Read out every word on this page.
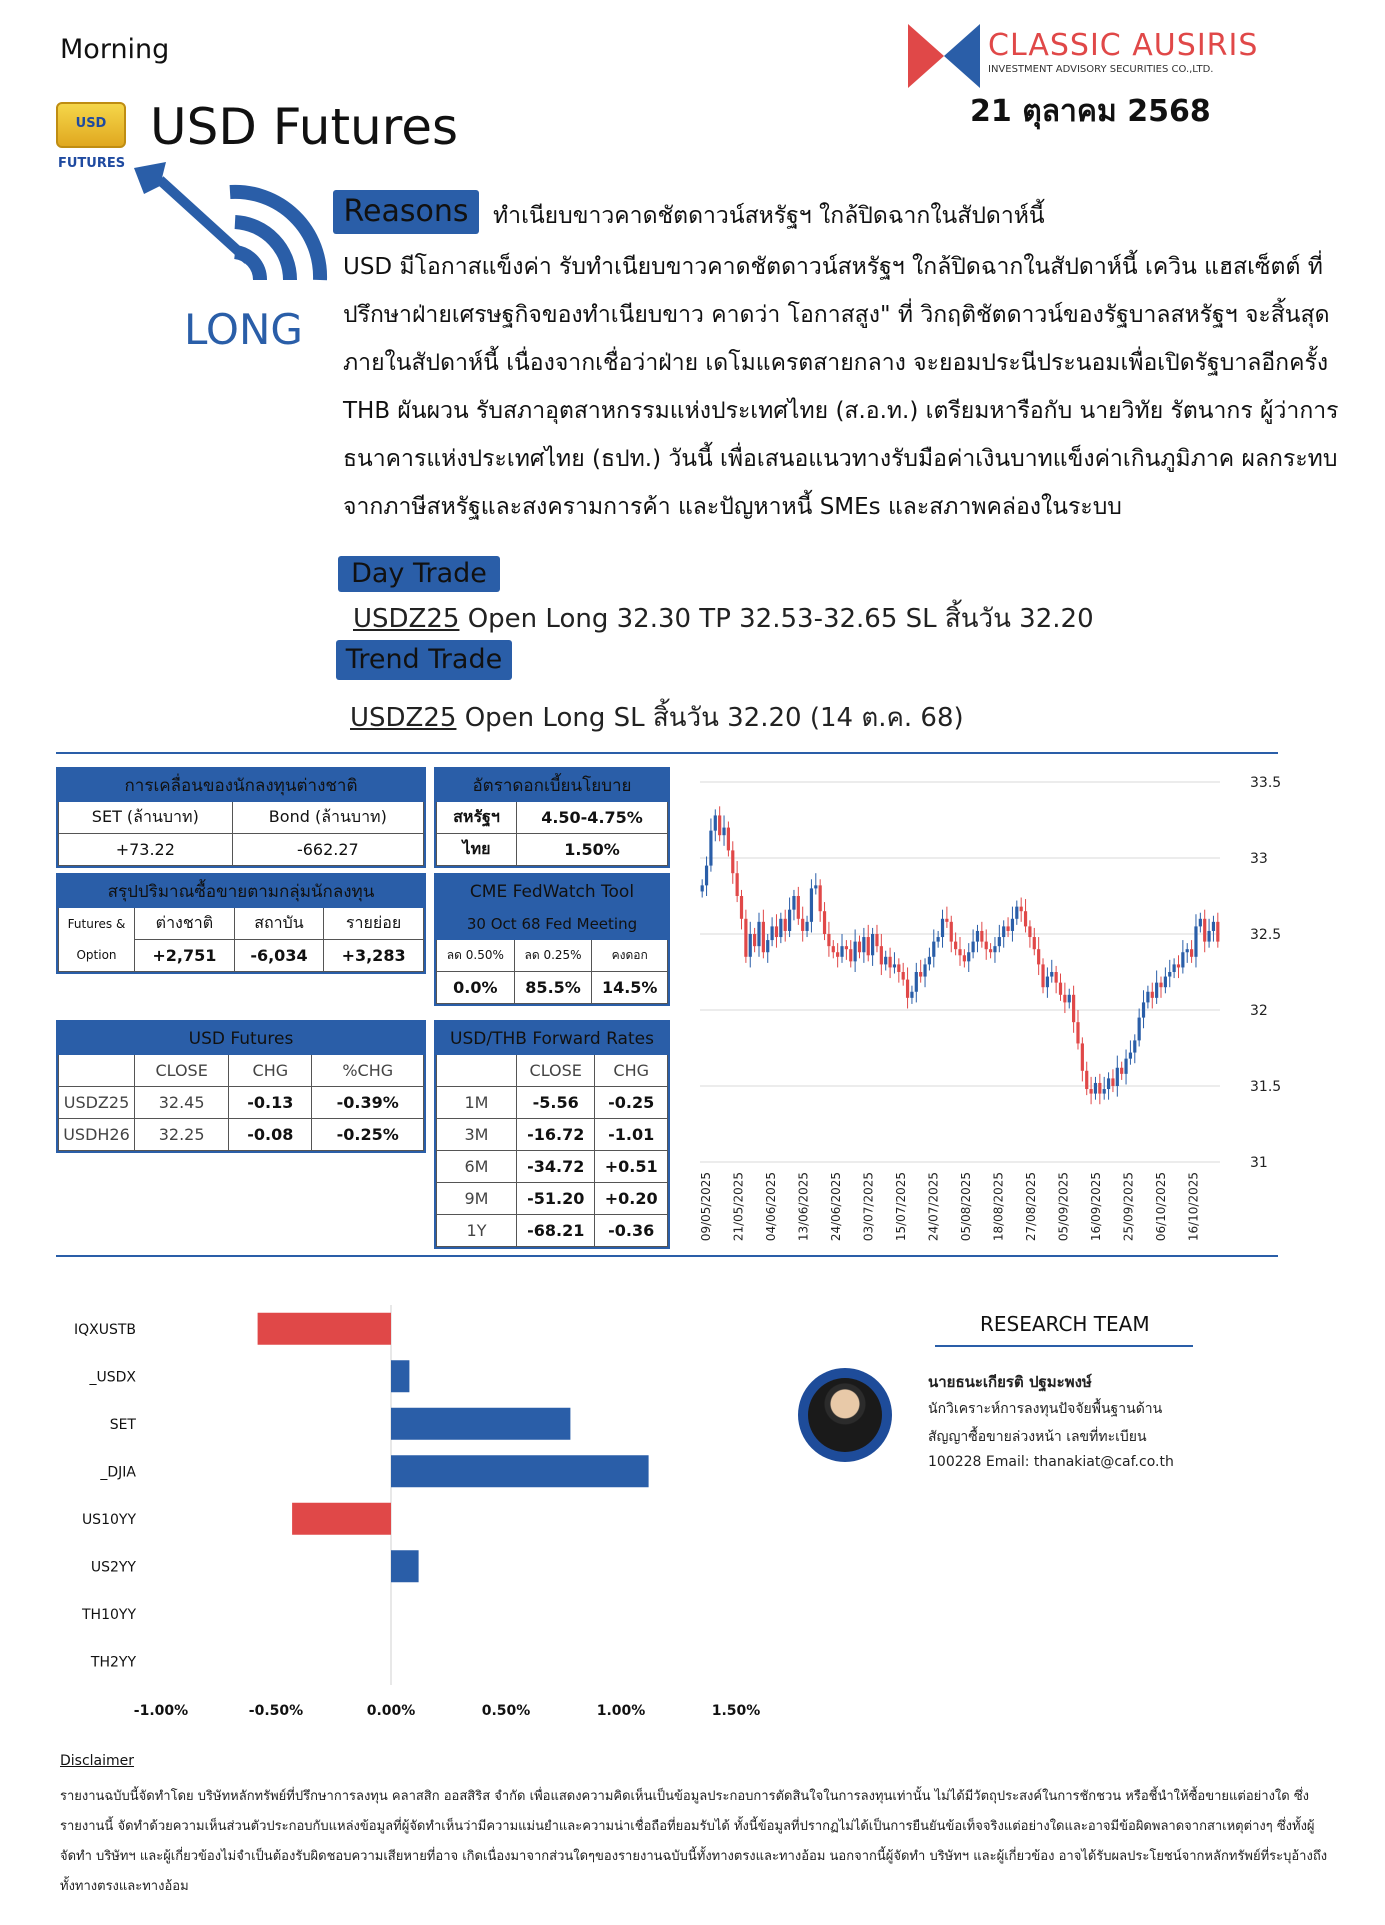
Morning
USD FUTURES
USD Futures
CLASSIC AUSIRIS
INVESTMENT ADVISORY SECURITIES CO.,LTD.
21 ตุลาคม 2568
LONG
Reasons	ทำเนียบขาวคาดชัตดาวน์สหรัฐฯ ใกล้ปิดฉากในสัปดาห์นี้
USD มีโอกาสแข็งค่า รับทำเนียบขาวคาดชัตดาวน์สหรัฐฯ ใกล้ปิดฉากในสัปดาห์นี้ เควิน แฮสเซ็ตต์ ที่
ปรึกษาฝ่ายเศรษฐกิจของทำเนียบขาว คาดว่า โอกาสสูง" ที่ วิกฤติชัตดาวน์ของรัฐบาลสหรัฐฯ จะสิ้นสุด
ภายในสัปดาห์นี้ เนื่องจากเชื่อว่าฝ่าย เดโมแครตสายกลาง จะยอมประนีประนอมเพื่อเปิดรัฐบาลอีกครั้ง
THB ผันผวน รับสภาอุตสาหกรรมแห่งประเทศไทย (ส.อ.ท.) เตรียมหารือกับ นายวิทัย รัตนากร ผู้ว่าการ
ธนาคารแห่งประเทศไทย (ธปท.) วันนี้ เพื่อเสนอแนวทางรับมือค่าเงินบาทแข็งค่าเกินภูมิภาค ผลกระทบ
จากภาษีสหรัฐและสงครามการค้า และปัญหาหนี้ SMEs และสภาพคล่องในระบบ
Day Trade
USDZ25 Open Long 32.30 TP 32.53-32.65 SL สิ้นวัน 32.20
Trend Trade
USDZ25 Open Long SL สิ้นวัน 32.20 (14 ต.ค. 68)
การเคลื่อนของนักลงทุนต่างชาติ	
SET (ล้านบาท)	Bond (ล้านบาท)
+73.22	-662.27
อัตราดอกเบี้ยนโยบาย	
สหรัฐฯ	4.50-4.75%
ไทย	1.50%
สรุปปริมาณซื้อขายตามกลุ่มนักลงทุน			
Futures &	ต่างชาติ	สถาบัน	รายย่อย
Option	+2,751	-6,034	+3,283
CME FedWatch Tool		
30 Oct 68 Fed Meeting		
ลด 0.50%	ลด 0.25%	คงดอก
0.0%	85.5%	14.5%
USD Futures			
	CLOSE	CHG	%CHG
USDZ25	32.45	-0.13	-0.39%
USDH26	32.25	-0.08	-0.25%
USD/THB Forward Rates		
	CLOSE	CHG
1M	-5.56	-0.25
3M	-16.72	-1.01
6M	-34.72	+0.51
9M	-51.20	+0.20
1Y	-68.21	-0.36
33.5
33
32.5
32
31.5
31
09/05/2025 21/05/2025 04/06/2025 13/06/2025 24/06/2025 03/07/2025 15/07/2025 24/07/2025 05/08/2025 18/08/2025 27/08/2025 05/09/2025 16/09/2025 25/09/2025 06/10/2025 16/10/2025
IQXUSTB
_USDX
SET
_DJIA
US10YY
US2YY
TH10YY
TH2YY
-1.00%	-0.50%	0.00%	0.50%	1.00%	1.50%
RESEARCH TEAM
นายธนะเกียรติ ปฐมะพงษ์
นักวิเคราะห์การลงทุนปัจจัยพื้นฐานด้าน
สัญญาซื้อขายล่วงหน้า เลขที่ทะเบียน
100228 Email: thanakiat@caf.co.th
Disclaimer
รายงานฉบับนี้จัดทำโดย บริษัทหลักทรัพย์ที่ปรึกษาการลงทุน คลาสสิก ออสสิริส จำกัด เพื่อแสดงความคิดเห็นเป็นข้อมูลประกอบการตัดสินใจในการลงทุนเท่านั้น ไม่ได้มีวัตถุประสงค์ในการชักชวน หรือชี้นำให้ซื้อขายแต่อย่างใด ซึ่งรายงานนี้ จัดทำด้วยความเห็นส่วนตัวประกอบกับแหล่งข้อมูลที่ผู้จัดทำเห็นว่ามีความแม่นยำและความน่าเชื่อถือที่ยอมรับได้ ทั้งนี้ข้อมูลที่ปรากฏไม่ได้เป็นการยืนยันข้อเท็จจริงแต่อย่างใดและอาจมีข้อผิดพลาดจากสาเหตุต่างๆ ซึ่งทั้งผู้จัดทำ บริษัทฯ และผู้เกี่ยวข้องไม่จำเป็นต้องรับผิดชอบความเสียหายที่อาจ เกิดเนื่องมาจากส่วนใดๆของรายงานฉบับนี้ทั้งทางตรงและทางอ้อม นอกจากนี้ผู้จัดทำ บริษัทฯ และผู้เกี่ยวข้อง อาจได้รับผลประโยชน์จากหลักทรัพย์ที่ระบุอ้างถึงทั้งทางตรงและทางอ้อม
